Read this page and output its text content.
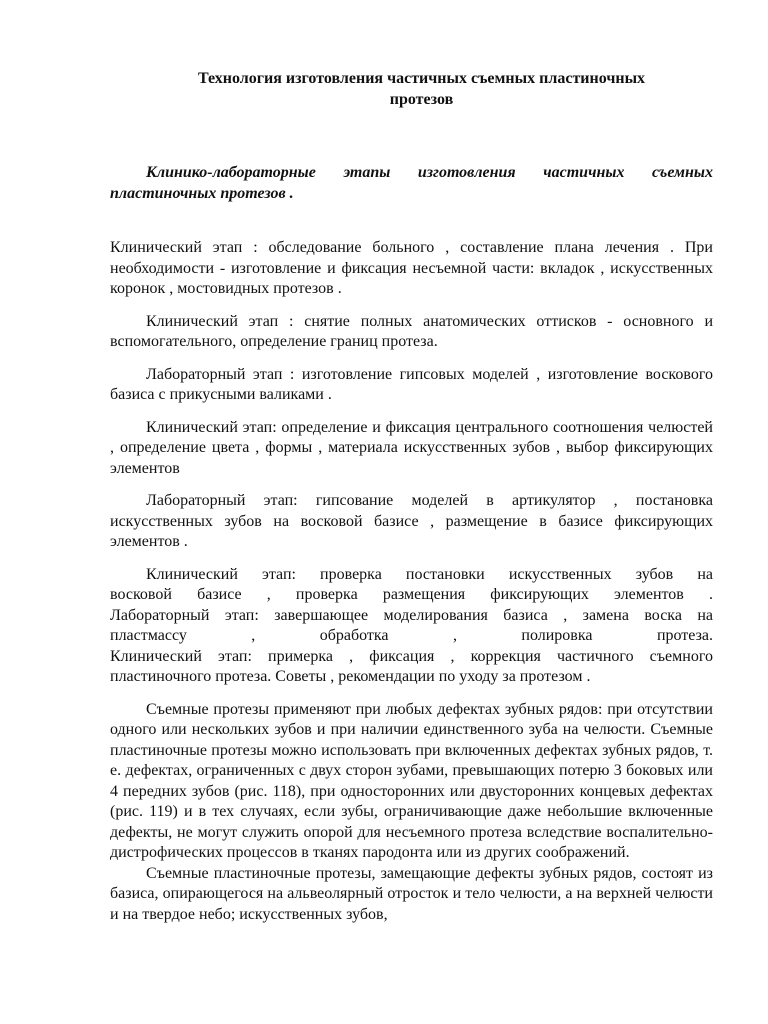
Технология изготовления частичных съемных пластиночных
протезов

Клинико-лабораторные этапы изготовления частичных съемных пластиночных протезов .

Клинический этап : обследование больного , составление плана лечения . При необходимости - изготовление и фиксация несъемной части: вкладок , искусственных коронок , мостовидных протезов .

Клинический этап : снятие полных анатомических оттисков - основного и вспомогательного, определение границ протеза.

Лабораторный этап : изготовление гипсовых моделей , изготовление воскового базиса с прикусными валиками .

Клинический этап: определение и фиксация центрального соотношения челюстей , определение цвета , формы , материала искусственных зубов , выбор фиксирующих элементов

Лабораторный этап: гипсование моделей в артикулятор , постановка искусственных зубов на восковой базисе , размещение в базисе фиксирующих элементов .

Клинический этап: проверка постановки искусственных зубов на
восковой базисе , проверка размещения фиксирующих элементов .
Лабораторный этап: завершающее моделирования базиса , замена воска на
пластмассу , обработка , полировка протеза.
Клинический этап: примерка , фиксация , коррекция частичного съемного
пластиночного протеза. Советы , рекомендации по уходу за протезом .

Съемные протезы применяют при любых дефектах зубных рядов: при отсутствии одного или нескольких зубов и при наличии единственного зуба на челюсти. Съемные пластиночные протезы можно использовать при включенных дефектах зубных рядов, т. е. дефектах, ограниченных с двух сторон зубами, превышающих потерю 3 боковых или 4 передних зубов (рис. 118), при односторонних или двусторонних концевых дефектах (рис. 119) и в тех случаях, если зубы, ограничивающие даже небольшие включенные дефекты, не могут служить опорой для несъемного протеза вследствие воспалительно-дистрофических процессов в тканях пародонта или из других соображений.

Съемные пластиночные протезы, замещающие дефекты зубных рядов, состоят из базиса, опирающегося на альвеолярный отросток и тело челюсти, а на верхней челюсти и на твердое небо; искусственных зубов,
